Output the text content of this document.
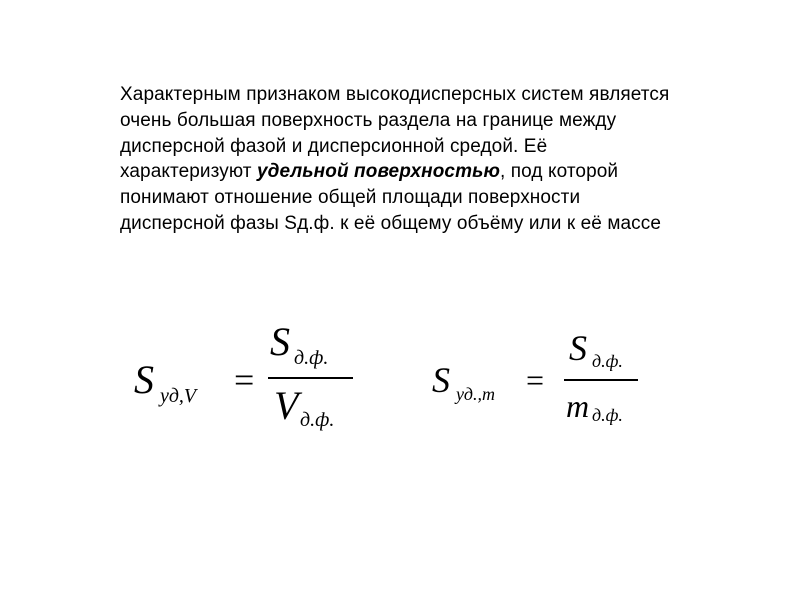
Характерным признаком высокодисперсных систем является очень большая поверхность раздела на границе между дисперсной фазой и дисперсионной средой. Её характеризуют удельной поверхностью, под которой понимают отношение общей площади поверхности дисперсной фазы Sд.ф. к её общему объёму или к её массе

S уд,V =
S д.ф.
V д.ф.
S уд.,m =
S д.ф.
m д.ф.
